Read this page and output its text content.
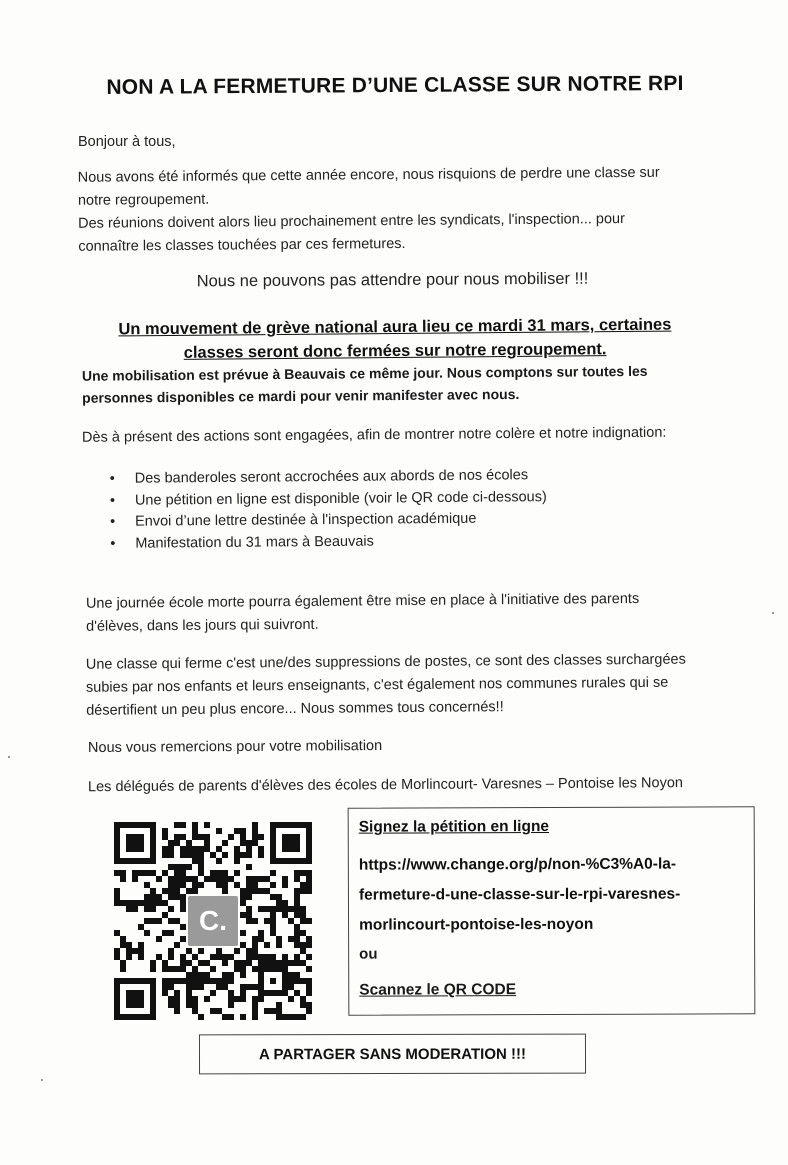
NON A LA FERMETURE D’UNE CLASSE SUR NOTRE RPI
Bonjour à tous,
Nous avons été informés que cette année encore, nous risquions de perdre une classe sur
notre regroupement.
Des réunions doivent alors lieu prochainement entre les syndicats, l'inspection... pour
connaître les classes touchées par ces fermetures.
Nous ne pouvons pas attendre pour nous mobiliser !!!
Un mouvement de grève national aura lieu ce mardi 31 mars, certaines
classes seront donc fermées sur notre regroupement.
Une mobilisation est prévue à Beauvais ce même jour. Nous comptons sur toutes les
personnes disponibles ce mardi pour venir manifester avec nous.
Dès à présent des actions sont engagées, afin de montrer notre colère et notre indignation:
• Des banderoles seront accrochées aux abords de nos écoles
• Une pétition en ligne est disponible (voir le QR code ci-dessous)
• Envoi d’une lettre destinée à l'inspection académique
• Manifestation du 31 mars à Beauvais
Une journée école morte pourra également être mise en place à l'initiative des parents
d'élèves, dans les jours qui suivront.
Une classe qui ferme c'est une/des suppressions de postes, ce sont des classes surchargées
subies par nos enfants et leurs enseignants, c'est également nos communes rurales qui se
désertifient un peu plus encore... Nous sommes tous concernés!!
Nous vous remercions pour votre mobilisation
Les délégués de parents d'élèves des écoles de Morlincourt- Varesnes – Pontoise les Noyon
C.
Signez la pétition en ligne
https://www.change.org/p/non-%C3%A0-la-
fermeture-d-une-classe-sur-le-rpi-varesnes-
morlincourt-pontoise-les-noyon
ou
Scannez le QR CODE
A PARTAGER SANS MODERATION !!!
